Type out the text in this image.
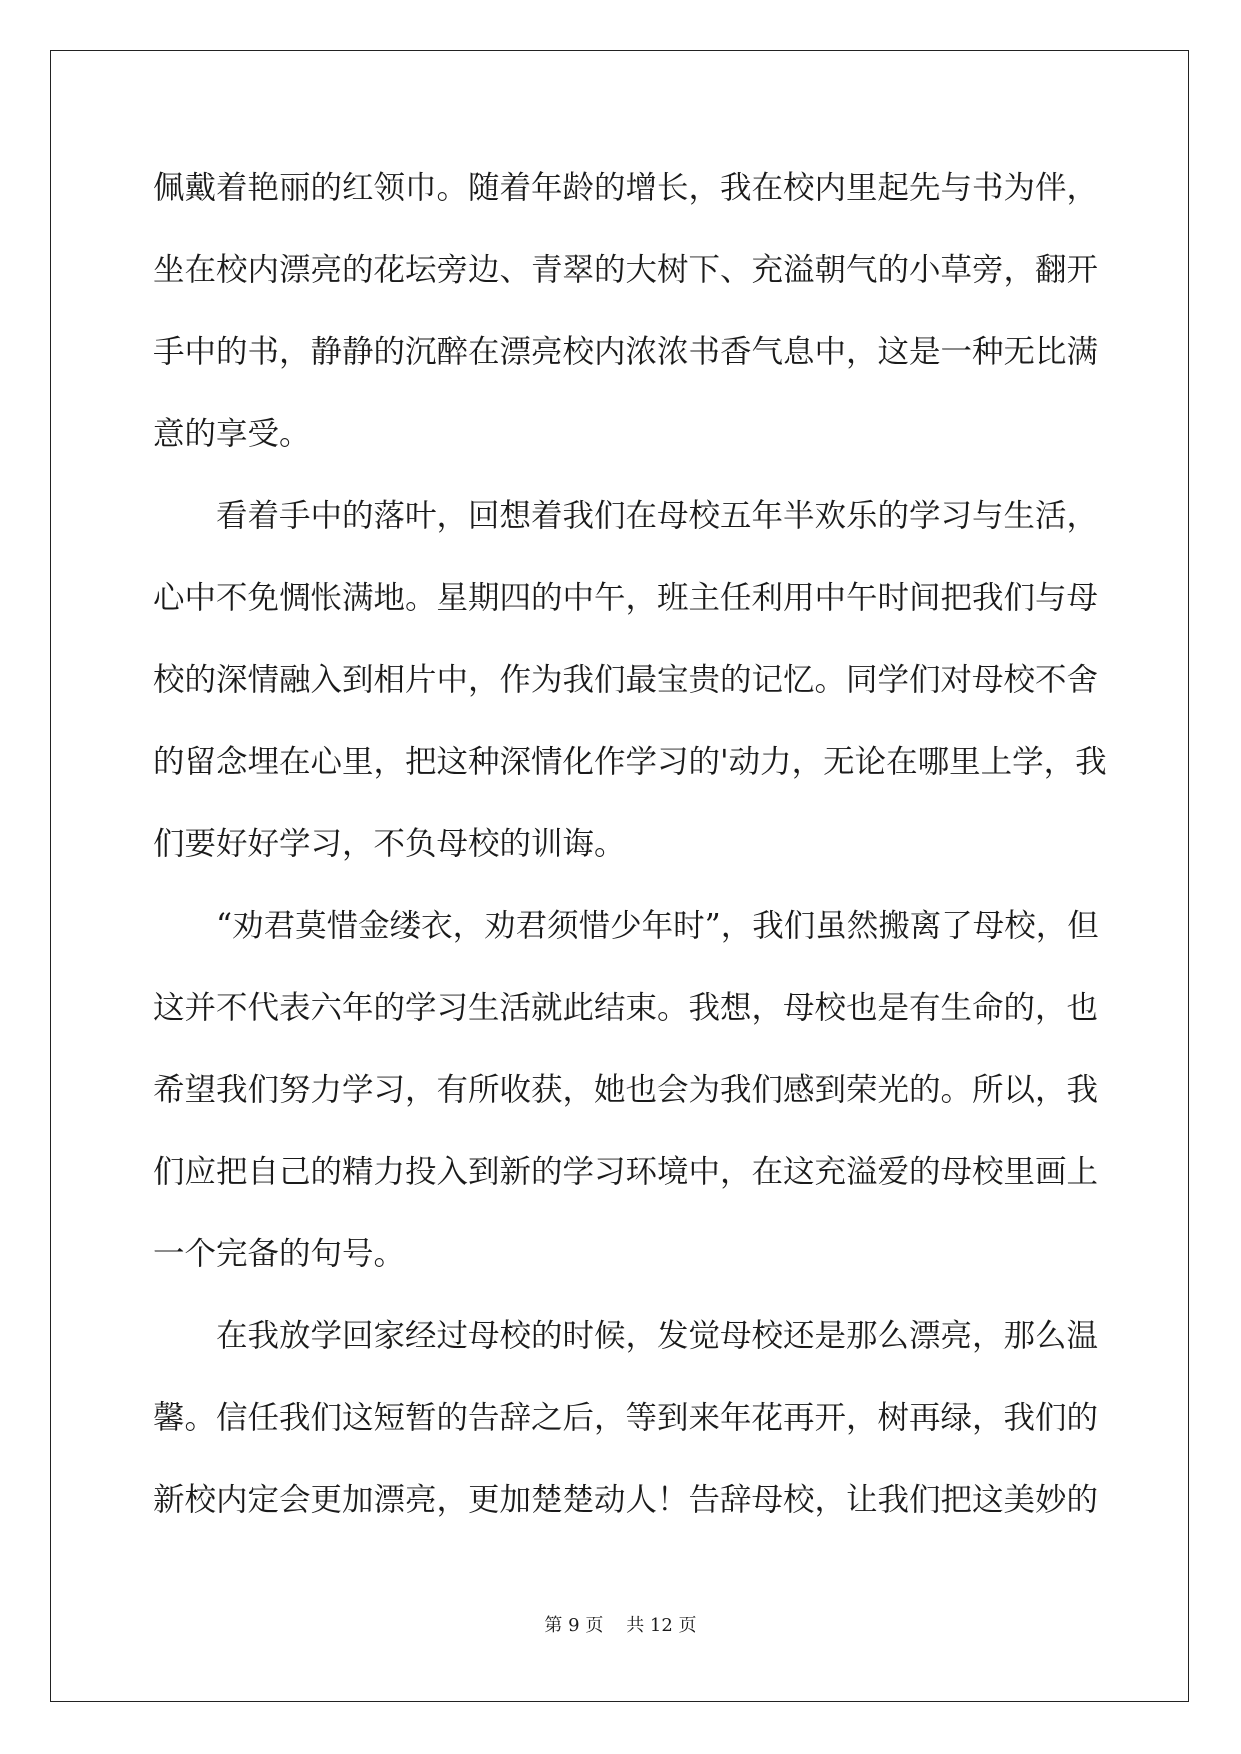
佩戴着艳丽的红领巾。随着年龄的增长，我在校内里起先与书为伴，

坐在校内漂亮的花坛旁边、青翠的大树下、充溢朝气的小草旁，翻开

手中的书，静静的沉醉在漂亮校内浓浓书香气息中，这是一种无比满

意的享受。

看着手中的落叶，回想着我们在母校五年半欢乐的学习与生活，

心中不免惆怅满地。星期四的中午，班主任利用中午时间把我们与母

校的深情融入到相片中，作为我们最宝贵的记忆。同学们对母校不舍

的留念埋在心里，把这种深情化作学习的'动力，无论在哪里上学，我

们要好好学习，不负母校的训诲。

“劝君莫惜金缕衣，劝君须惜少年时”，我们虽然搬离了母校，但

这并不代表六年的学习生活就此结束。我想，母校也是有生命的，也

希望我们努力学习，有所收获，她也会为我们感到荣光的。所以，我

们应把自己的精力投入到新的学习环境中，在这充溢爱的母校里画上

一个完备的句号。

在我放学回家经过母校的时候，发觉母校还是那么漂亮，那么温

馨。信任我们这短暂的告辞之后，等到来年花再开，树再绿，我们的

新校内定会更加漂亮，更加楚楚动人！告辞母校，让我们把这美妙的

第 9 页    共 12 页
